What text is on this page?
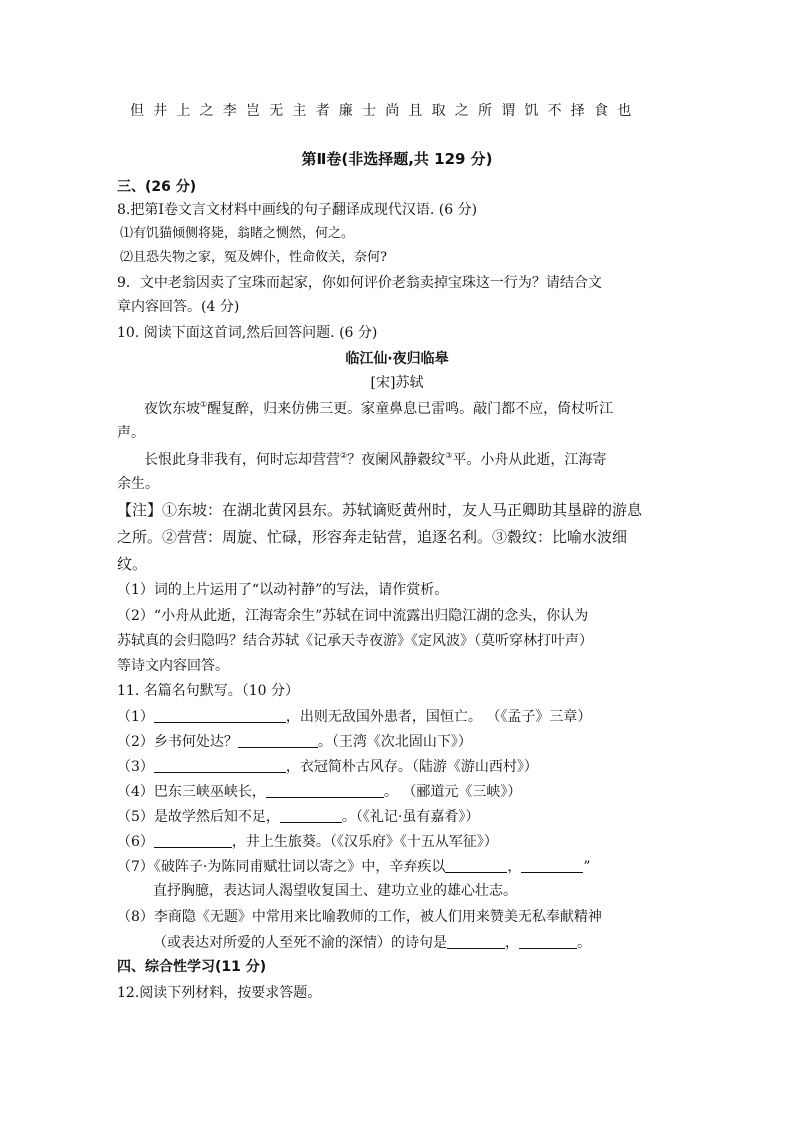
但井上之李岂无主者廉士尚且取之所谓饥不择食也
第Ⅱ卷(非选择题,共 129 分)
三、(26 分)
8.把第Ⅰ卷文言文材料中画线的句子翻译成现代汉语. (6 分)
⑴有饥猫倾侧将毙，翁睹之恻然，何之。
⑵且恐失物之家，冤及婢仆，性命攸关，奈何?
9．文中老翁因卖了宝珠而起家，你如何评价老翁卖掉宝珠这一行为？请结合文
章内容回答。(4 分)
10. 阅读下面这首词,然后回答问题. (6 分)
临江仙·夜归临皋
[宋]苏轼
夜饮东坡①醒复醉，归来仿佛三更。家童鼻息已雷鸣。敲门都不应，倚杖听江
声。
长恨此身非我有，何时忘却营营②？夜阑风静縠纹③平。小舟从此逝，江海寄
余生。
【注】①东坡：在湖北黄冈县东。苏轼谪贬黄州时，友人马正卿助其垦辟的游息
之所。②营营：周旋、忙碌，形容奔走钻营，追逐名利。③縠纹：比喻水波细
纹。
（1）词的上片运用了“以动衬静”的写法，请作赏析。
（2）“小舟从此逝，江海寄余生”苏轼在词中流露出归隐江湖的念头，你认为
苏轼真的会归隐吗？结合苏轼《记承天寺夜游》《定风波》（莫听穿林打叶声）
等诗文内容回答。
11. 名篇名句默写。（10 分）
（1）	，出则无敌国外患者，国恒亡。 （《孟子》三章）
（2）乡书何处达？	。（王湾《次北固山下》）
（3）	，衣冠简朴古风存。（陆游《游山西村》）
（4）巴东三峡巫峡长，	。 （郦道元《三峡》）
（5）是故学然后知不足，	。（《礼记·虽有嘉肴》）
（6）	，井上生旅葵。（《汉乐府》《十五从军征》）
（7）《破阵子·为陈同甫赋壮词以寄之》中，辛弃疾以	，	”
直抒胸臆，表达词人渴望收复国土、建功立业的雄心壮志。
（8）李商隐《无题》中常用来比喻教师的工作，被人们用来赞美无私奉献精神
（或表达对所爱的人至死不渝的深情）的诗句是	，	。
四、综合性学习(11 分)
12.阅读下列材料，按要求答题。
